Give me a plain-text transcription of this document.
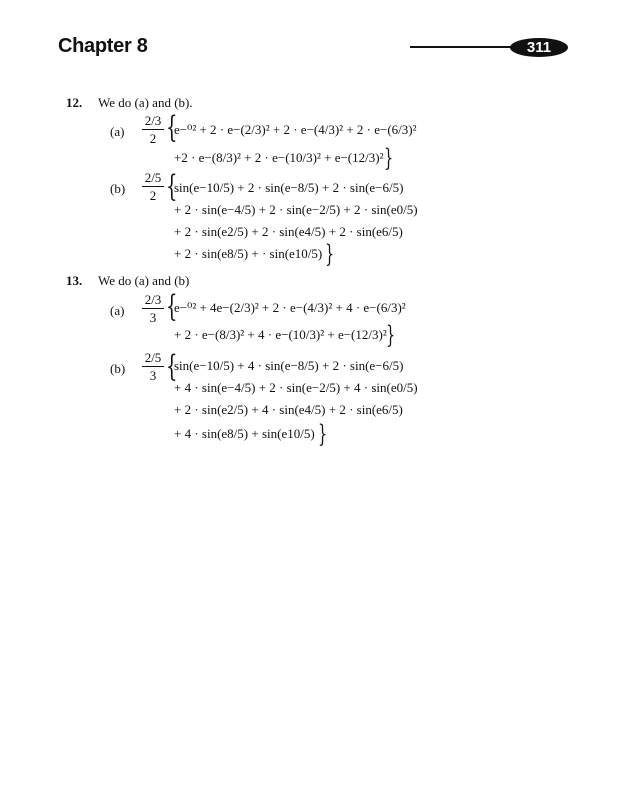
Chapter 8	311
12. We do (a) and (b).
(a)
2/3
2 {
e−⁰² + 2 · e−(2/3)² + 2 · e−(4/3)² + 2 · e−(6/3)²
+2 · e−(8/3)² + 2 · e−(10/3)² + e−(12/3)² }
(b)
2/5
2 {
sin(e−10/5) + 2 · sin(e−8/5) + 2 · sin(e−6/5)
+ 2 · sin(e−4/5) + 2 · sin(e−2/5) + 2 · sin(e0/5)
+ 2 · sin(e2/5) + 2 · sin(e4/5) + 2 · sin(e6/5)
+ 2 · sin(e8/5) + · sin(e10/5) }
13. We do (a) and (b)
(a)
2/3
3 {
e−⁰² + 4e−(2/3)² + 2 · e−(4/3)² + 4 · e−(6/3)²
+ 2 · e−(8/3)² + 4 · e−(10/3)² + e−(12/3)² }
(b)
2/5
3 {
sin(e−10/5) + 4 · sin(e−8/5) + 2 · sin(e−6/5)
+ 4 · sin(e−4/5) + 2 · sin(e−2/5) + 4 · sin(e0/5)
+ 2 · sin(e2/5) + 4 · sin(e4/5) + 2 · sin(e6/5)
+ 4 · sin(e8/5) + sin(e10/5) }
